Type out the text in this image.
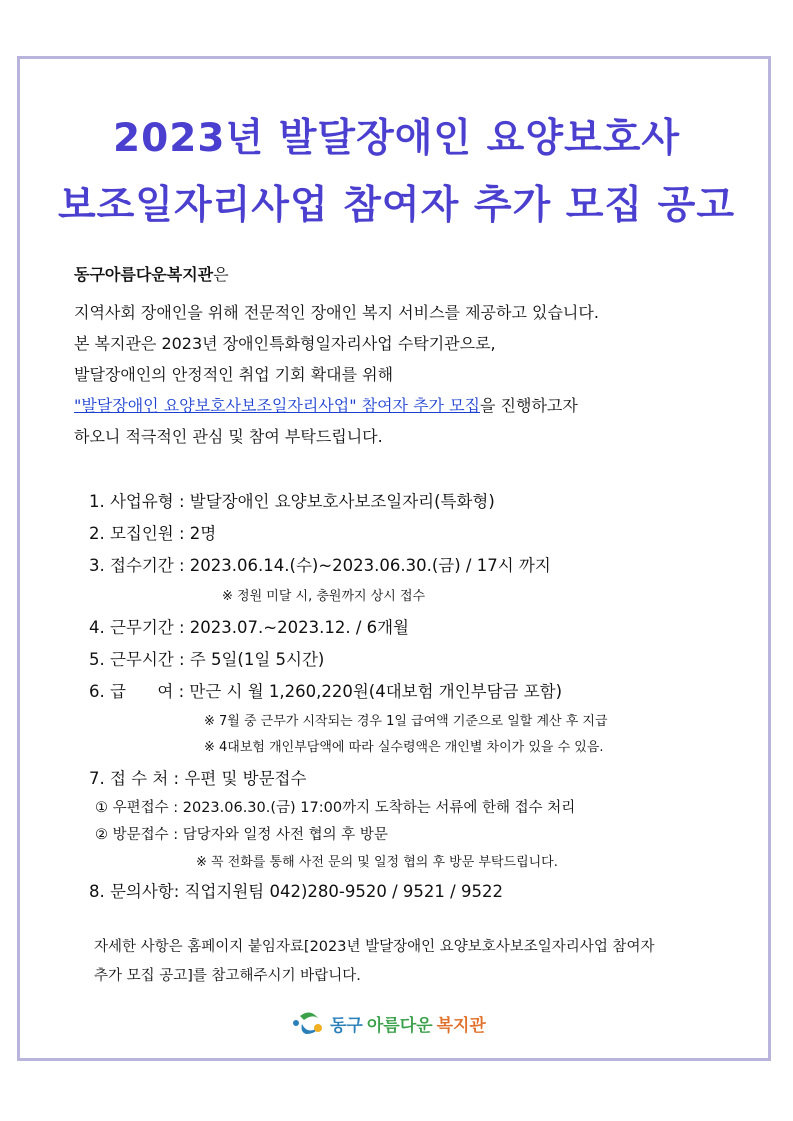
2023년 발달장애인 요양보호사
보조일자리사업 참여자 추가 모집 공고
동구아름다운복지관은
지역사회 장애인을 위해 전문적인 장애인 복지 서비스를 제공하고 있습니다.
본 복지관은 2023년 장애인특화형일자리사업 수탁기관으로,
발달장애인의 안정적인 취업 기회 확대를 위해
"발달장애인 요양보호사보조일자리사업" 참여자 추가 모집을 진행하고자
하오니 적극적인 관심 및 참여 부탁드립니다.
1. 사업유형 : 발달장애인 요양보호사보조일자리(특화형)
2. 모집인원 : 2명
3. 접수기간 : 2023.06.14.(수)~2023.06.30.(금) / 17시 까지
※ 정원 미달 시, 충원까지 상시 접수
4. 근무기간 : 2023.07.~2023.12. / 6개월
5. 근무시간 : 주 5일(1일 5시간)
6. 급      여 : 만근 시 월 1,260,220원(4대보험 개인부담금 포함)
※ 7월 중 근무가 시작되는 경우 1일 급여액 기준으로 일할 계산 후 지급
※ 4대보험 개인부담액에 따라 실수령액은 개인별 차이가 있을 수 있음.
7. 접 수 처 : 우편 및 방문접수
① 우편접수 : 2023.06.30.(금) 17:00까지 도착하는 서류에 한해 접수 처리
② 방문접수 : 담당자와 일정 사전 협의 후 방문
※ 꼭 전화를 통해 사전 문의 및 일정 협의 후 방문 부탁드립니다.
8. 문의사항: 직업지원팀 042)280-9520 / 9521 / 9522
자세한 사항은 홈페이지 붙임자료[2023년 발달장애인 요양보호사보조일자리사업 참여자
추가 모집 공고]를 참고해주시기 바랍니다.
동구 아름다운 복지관
